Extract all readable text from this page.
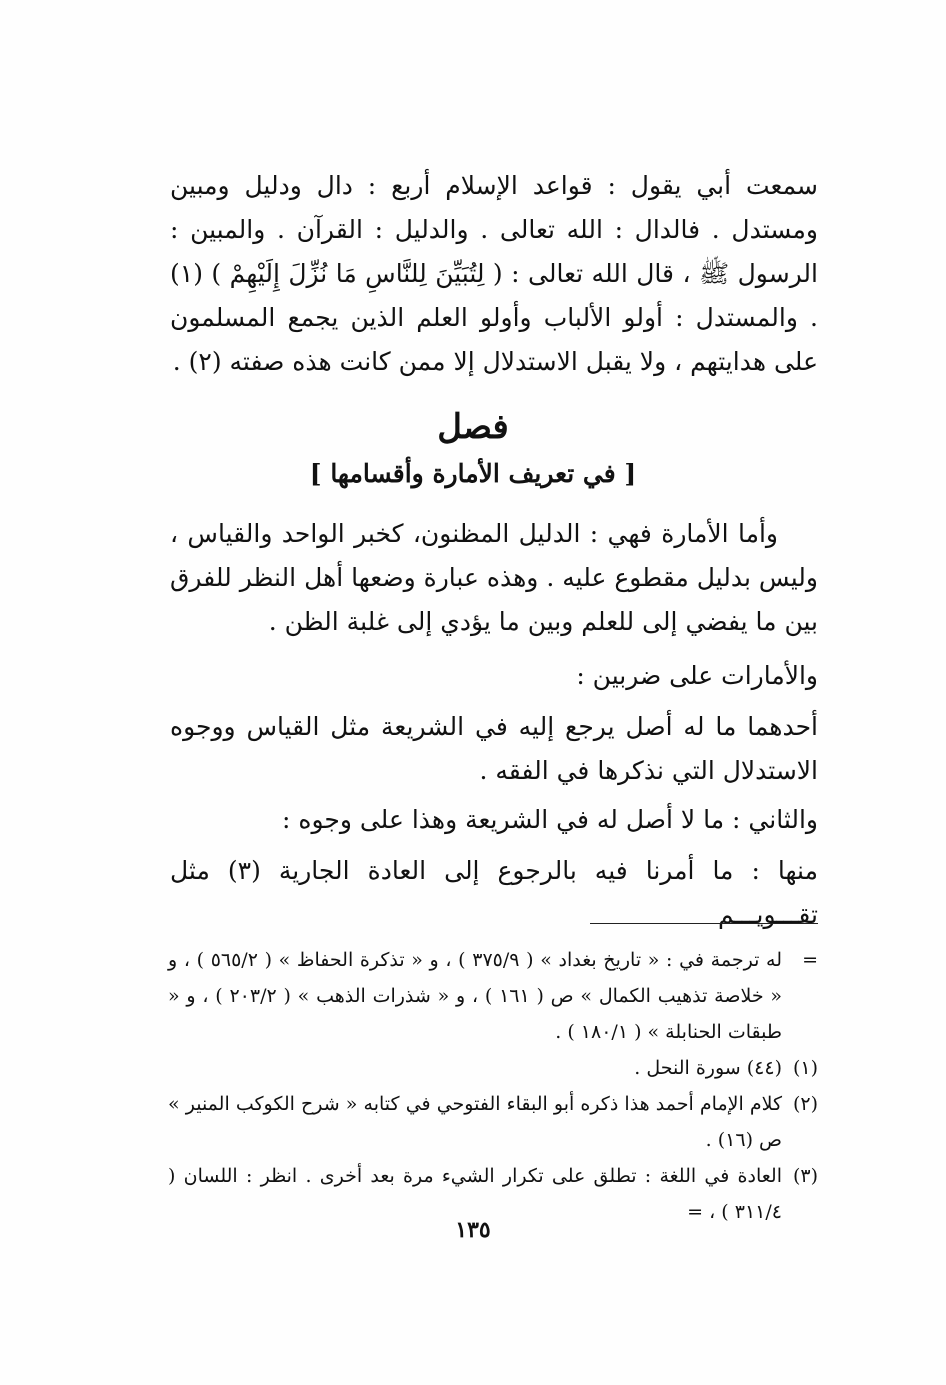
سمعت أبي يقول : قواعد الإسلام أربع : دال ودليل ومبين ومستدل . فالدال : الله تعالى . والدليل : القرآن . والمبين : الرسول ﷺ ، قال الله تعالى : ( لِتُبَيِّنَ لِلنَّاسِ مَا نُزِّلَ إِلَيْهِمْ ) (١) . والمستدل : أولو الألباب وأولو العلم الذين يجمع المسلمون على هدايتهم ، ولا يقبل الاستدلال إلا ممن كانت هذه صفته (٢) .

فصل
[ في تعريف الأمارة وأقسامها ]

وأما الأمارة فهي : الدليل المظنون، كخبر الواحد والقياس ، وليس بدليل مقطوع عليه . وهذه عبارة وضعها أهل النظر للفرق بين ما يفضي إلى للعلم وبين ما يؤدي إلى غلبة الظن .

والأمارات على ضربين :

أحدهما ما له أصل يرجع إليه في الشريعة مثل القياس ووجوه الاستدلال التي نذكرها في الفقه .

والثاني : ما لا أصل له في الشريعة وهذا على وجوه :

منها : ما أمرنا فيه بالرجوع إلى العادة الجارية (٣) مثل تقـــويـــم

=
له ترجمة في : « تاريخ بغداد » ( ٣٧٥/٩ ) ، و « تذكرة الحفاظ » ( ٥٦٥/٢ ) ، و « خلاصة تذهيب الكمال » ص ( ١٦١ ) ، و « شذرات الذهب » ( ٢٠٣/٢ ) ، و « طبقات الحنابلة » ( ١٨٠/١ ) .
(١)
(٤٤) سورة النحل .
(٢)
كلام الإمام أحمد هذا ذكره أبو البقاء الفتوحي في كتابه « شرح الكوكب المنير » ص (١٦) .
(٣)
العادة في اللغة : تطلق على تكرار الشيء مرة بعد أخرى . انظر : اللسان ( ٣١١/٤ ) ، =
١٣٥
